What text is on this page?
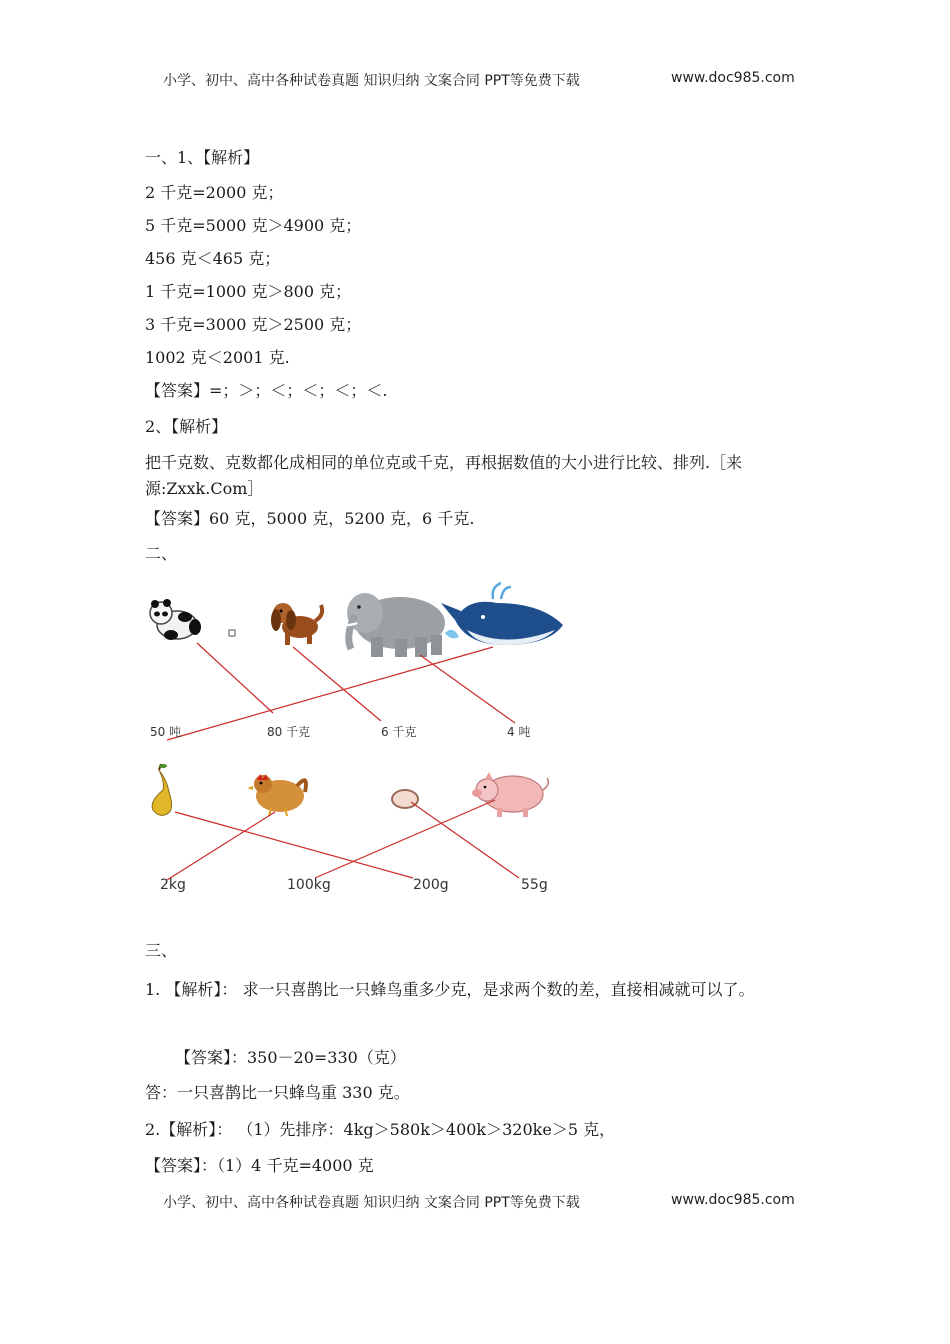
小学、初中、高中各种试卷真题 知识归纳 文案合同 PPT等免费下载	www.doc985.com
一、1、【解析】
2 千克=2000 克；
5 千克=5000 克＞4900 克；
456 克＜465 克；
1 千克=1000 克＞800 克；
3 千克=3000 克＞2500 克；
1002 克＜2001 克.
【答案】=；＞；＜；＜；＜；＜.
2、【解析】
把千克数、克数都化成相同的单位克或千克，再根据数值的大小进行比较、排列.［来源:Zxxk.Com］
【答案】60 克，5000 克，5200 克，6 千克.
二、
50 吨	80 千克	6 千克	4 吨
2kg	100kg	200g	55g
三、
1. 【解析】： 求一只喜鹊比一只蜂鸟重多少克，是求两个数的差，直接相减就可以了。
【答案】：350－20=330（克）
答：一只喜鹊比一只蜂鸟重 330 克。
2.【解析】： （1）先排序：4kg＞580k＞400k＞320ke＞5 克，
【答案】：（1）4 千克=4000 克
小学、初中、高中各种试卷真题 知识归纳 文案合同 PPT等免费下载	www.doc985.com
